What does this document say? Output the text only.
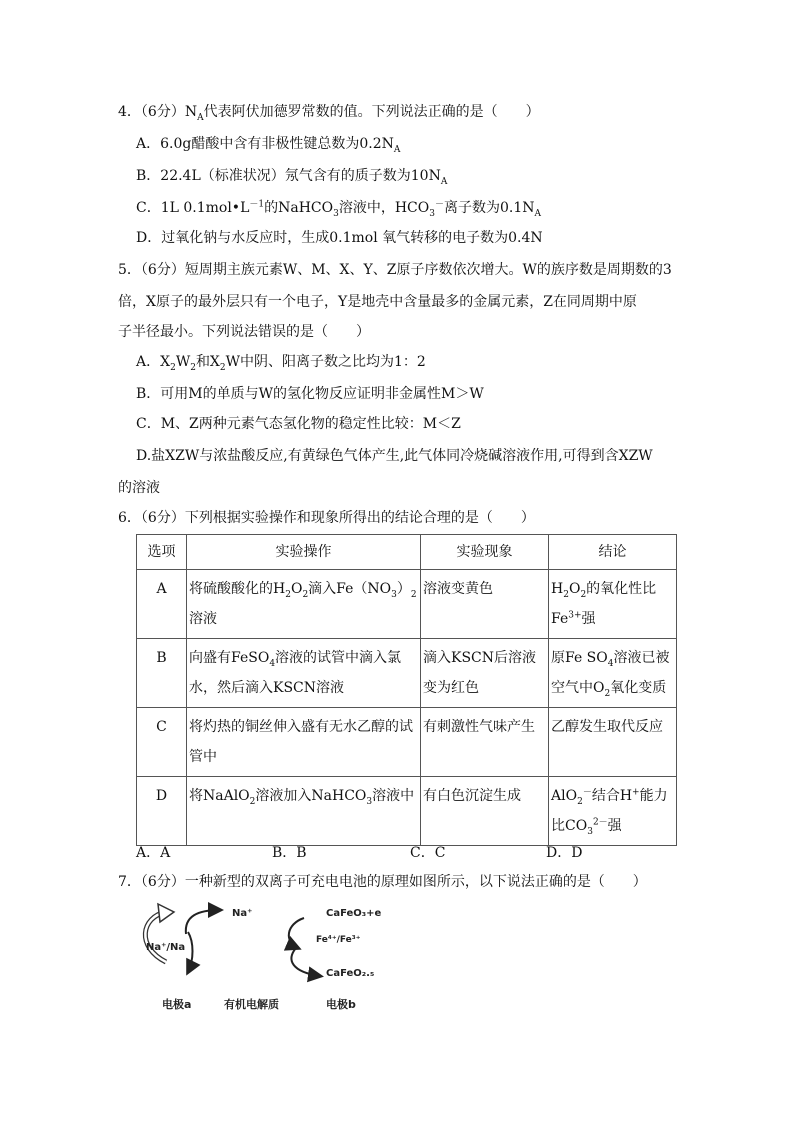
4．（6分）$N_A$代表阿伏加德罗常数的值。下列说法正确的是（　　）
A．6.0g醋酸中含有非极性键总数为$0.2N_A$
B．22.4L（标准状况）氖气含有的质子数为$10N_A$
C．1L $0.1mol•L^{-1}$的NaHCO$_3$溶液中，$HCO_3^-$离子数为$0.1N_A$
D．过氧化钠与水反应时，生成0.1mol 氧气转移的电子数为0.4N
5．（6分）短周期主族元素W、M、X、Y、Z原子序数依次增大。W的族序数是周期数的3
倍，X原子的最外层只有一个电子，Y是地壳中含量最多的金属元素，Z在同周期中原
子半径最小。下列说法错误的是（　　）
A．$X_2W_2$和$X_2W$中阴、阳离子数之比均为1：2
B．可用M的单质与W的氢化物反应证明非金属性M＞W
C．M、Z两种元素气态氢化物的稳定性比较：M＜Z
D.盐XZW与浓盐酸反应,有黄绿色气体产生,此气体同冷烧碱溶液作用,可得到含XZW
的溶液
6．（6分）下列根据实验操作和现象所得出的结论合理的是（　　）
选项	实验操作	实验现象	结论
A	将硫酸酸化的$H_2O_2$滴入$Fe(NO_3)_2$溶液	溶液变黄色	$H_2O_2$的氧化性比$Fe^{3+}$强
B	向盛有FeSO$_4$溶液的试管中滴入氯水，然后滴入KSCN溶液	滴入KSCN后溶液变为红色	原Fe $SO_4$溶液已被空气中$O_2$氧化变质
C	将灼热的铜丝伸入盛有无水乙醇的试管中	有刺激性气味产生	乙醇发生取代反应
D	将NaAlO$_2$溶液加入NaHCO$_3$溶液中	有白色沉淀生成	AlO$_2$－结合H+能力比$CO_3^{2-}$强
A．A	B．B	C．C	D．D
7．（6分）一种新型的双离子可充电电池的原理如图所示，以下说法正确的是（　　）
Na⁺
Na⁺/Na
CaFeO₃+e
Fe⁴⁺/Fe³⁺
CaFeO₂.₅
电极a	有机电解质	电极b
